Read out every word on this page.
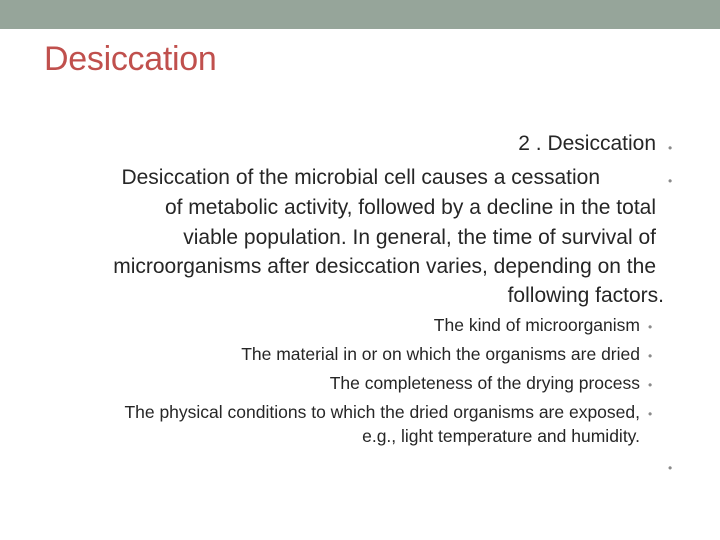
Desiccation
2 . Desiccation •
Desiccation of the microbial cell causes a cessation	•
of metabolic activity, followed by a decline in the total
viable population. In general, the time of survival of
microorganisms after desiccation varies, depending on the
following factors.
The kind of microorganism •
The material in or on which the organisms are dried •
The completeness of the drying process •
The physical conditions to which the dried organisms are exposed, •
e.g., light temperature and humidity.
•
